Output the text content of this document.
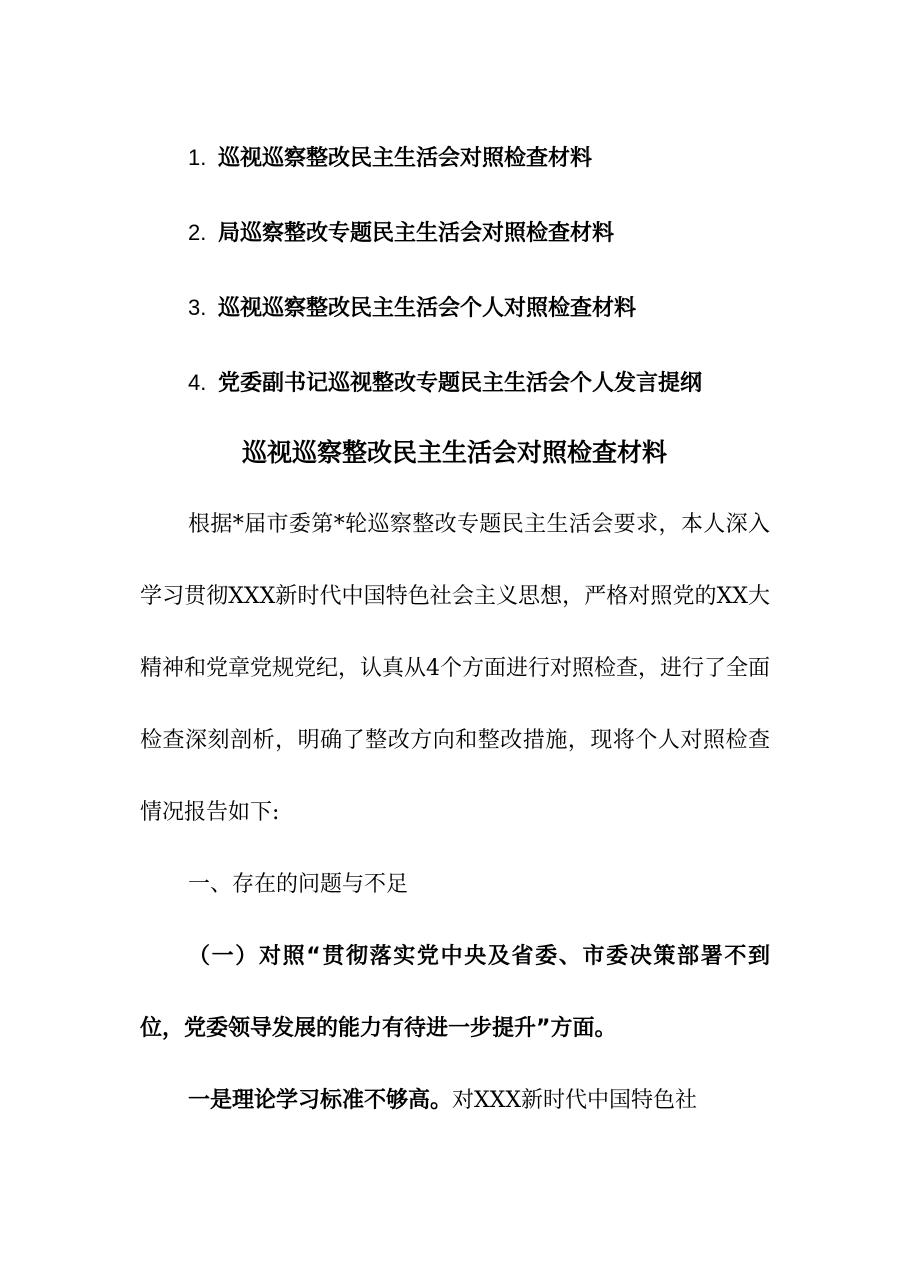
1. 巡视巡察整改民主生活会对照检查材料
2. 局巡察整改专题民主生活会对照检查材料
3. 巡视巡察整改民主生活会个人对照检查材料
4. 党委副书记巡视整改专题民主生活会个人发言提纲
巡视巡察整改民主生活会对照检查材料

根据*届市委第*轮巡察整改专题民主生活会要求，本人深入学习贯彻XXX新时代中国特色社会主义思想，严格对照党的XX大精神和党章党规党纪，认真从4个方面进行对照检查，进行了全面检查深刻剖析，明确了整改方向和整改措施，现将个人对照检查情况报告如下:

一、存在的问题与不足

（一）对照“贯彻落实党中央及省委、市委决策部署不到位，党委领导发展的能力有待进一步提升”方面。

一是理论学习标准不够高。对XXX新时代中国特色社
